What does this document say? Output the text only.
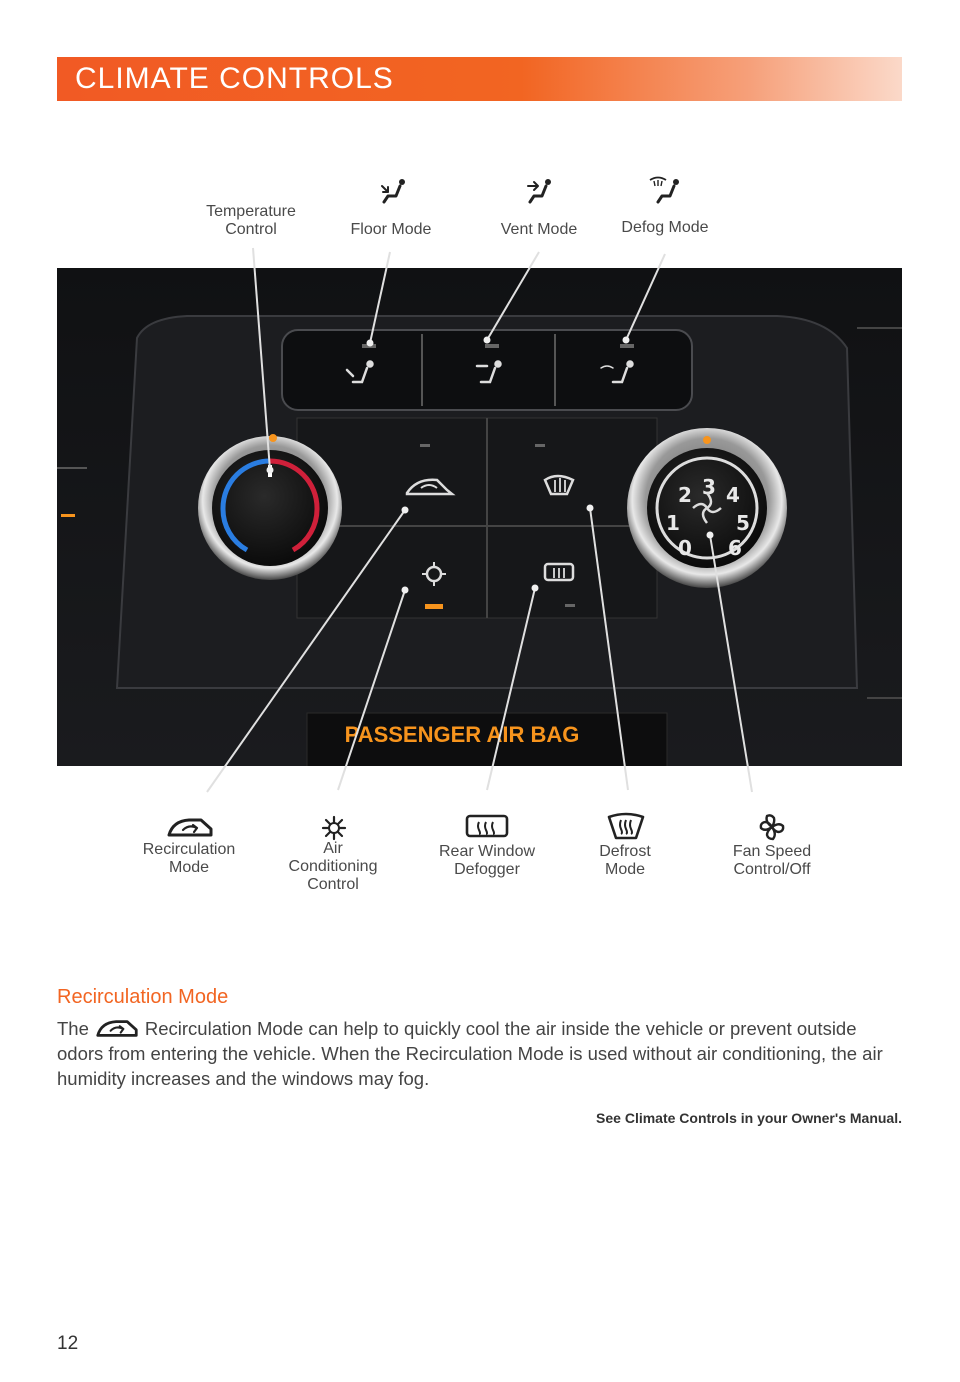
CLIMATE CONTROLS
Temperature
Control	Floor Mode	Vent Mode	Defog Mode
0
1
2 3 4
5
6
PASSENGER AIR BAG
Recirculation
Mode
Air
Conditioning
Control
Rear Window
Defogger
Defrost
Mode
Fan Speed
Control/Off
Recirculation Mode
The	Recirculation Mode can help to quickly cool the air inside the vehicle or prevent outside odors from entering the vehicle. When the Recirculation Mode is used without air conditioning, the air humidity increases and the windows may fog.
See Climate Controls in your Owner's Manual.
12
